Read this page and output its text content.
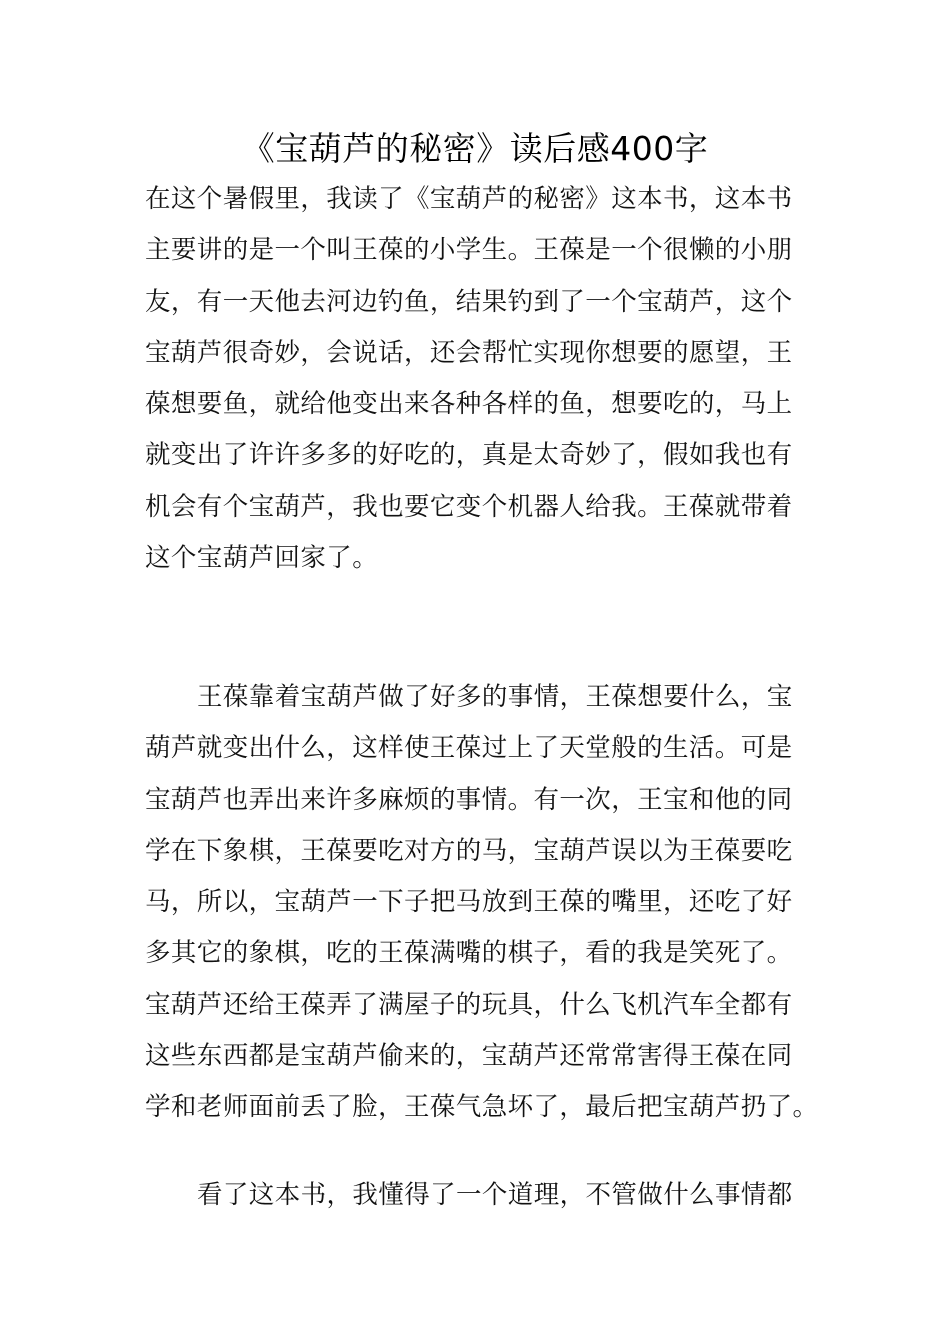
《宝葫芦的秘密》读后感400字
在这个暑假里，我读了《宝葫芦的秘密》这本书，这本书
主要讲的是一个叫王葆的小学生。王葆是一个很懒的小朋
友，有一天他去河边钓鱼，结果钓到了一个宝葫芦，这个
宝葫芦很奇妙，会说话，还会帮忙实现你想要的愿望，王
葆想要鱼，就给他变出来各种各样的鱼，想要吃的，马上
就变出了许许多多的好吃的，真是太奇妙了，假如我也有
机会有个宝葫芦，我也要它变个机器人给我。王葆就带着
这个宝葫芦回家了。
王葆靠着宝葫芦做了好多的事情，王葆想要什么，宝
葫芦就变出什么，这样使王葆过上了天堂般的生活。可是
宝葫芦也弄出来许多麻烦的事情。有一次，王宝和他的同
学在下象棋，王葆要吃对方的马，宝葫芦误以为王葆要吃
马，所以，宝葫芦一下子把马放到王葆的嘴里，还吃了好
多其它的象棋，吃的王葆满嘴的棋子，看的我是笑死了。
宝葫芦还给王葆弄了满屋子的玩具，什么飞机汽车全都有
这些东西都是宝葫芦偷来的，宝葫芦还常常害得王葆在同
学和老师面前丢了脸，王葆气急坏了，最后把宝葫芦扔了。
看了这本书，我懂得了一个道理，不管做什么事情都
